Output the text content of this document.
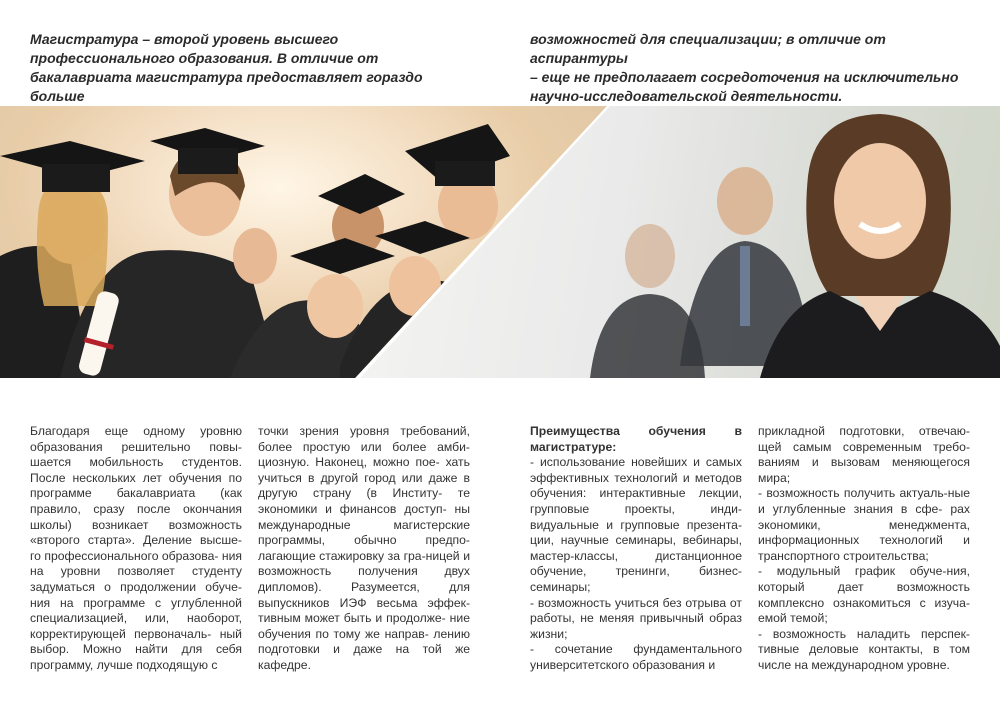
Магистратура – второй уровень высшего
профессионального образования. В отличие от
бакалавриата магистратура предоставляет гораздо больше
возможностей для специализации; в отличие от аспирантуры
– еще не предполагает сосредоточения на исключительно
научно-исследовательской деятельности.
Благодаря еще одному уровню образования решительно повы-шается мобильность студентов. После нескольких лет обучения по программе бакалавриата (как правило, сразу после окончания школы) возникает возможность «второго старта». Деление высше- го профессионального образова- ния на уровни позволяет студенту задуматься о продолжении обуче-ния на программе с углубленной специализацией, или, наоборот, корректирующей первоначаль- ный выбор. Можно найти для себя программу, лучше подходящую с
точки зрения уровня требований, более простую или более амби-циозную. Наконец, можно пое- хать учиться в другой город или даже в другую страну (в Институ- те экономики и финансов доступ- ны международные магистерские программы, обычно предпо-лагающие стажировку за гра-ницей и возможность получения двух дипломов). Разумеется, для выпускников ИЭФ весьма эффек-тивным может быть и продолже- ние обучения по тому же направ- лению подготовки и даже на той же кафедре.
Преимущества обучения в магистратуре:
- использование новейших и самых эффективных технологий и методов обучения: интерактивные лекции, групповые проекты, инди-видуальные и групповые презента-ции, научные семинары, вебинары, мастер-классы, дистанционное обучение, тренинги, бизнес-семинары;
- возможность учиться без отрыва от работы, не меняя привычный образ жизни;
- сочетание фундаментального университетского образования и
прикладной подготовки, отвечаю-щей самым современным требо-ваниям и вызовам меняющегося мира;
- возможность получить актуаль-ные и углубленные знания в сфе- рах экономики, менеджмента, информационных технологий и транспортного строительства;
- модульный график обуче-ния, который дает возможность комплексно ознакомиться с изуча-емой темой;
- возможность наладить перспек-тивные деловые контакты, в том числе на международном уровне.
